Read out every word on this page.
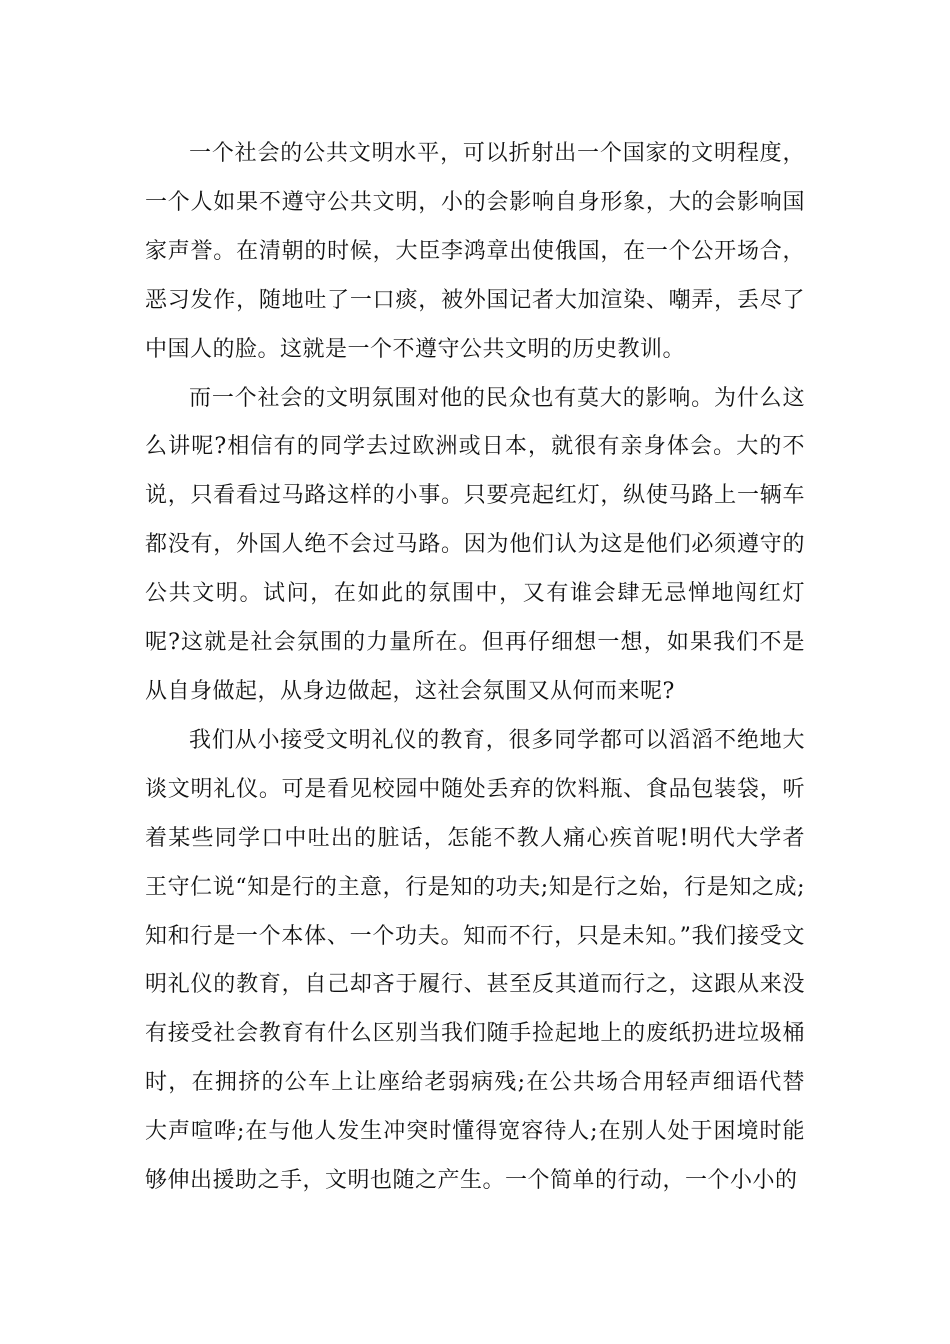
一个社会的公共文明水平，可以折射出一个国家的文明程度，一个人如果不遵守公共文明，小的会影响自身形象，大的会影响国家声誉。在清朝的时候，大臣李鸿章出使俄国，在一个公开场合，恶习发作，随地吐了一口痰，被外国记者大加渲染、嘲弄，丢尽了中国人的脸。这就是一个不遵守公共文明的历史教训。

而一个社会的文明氛围对他的民众也有莫大的影响。为什么这么讲呢?相信有的同学去过欧洲或日本，就很有亲身体会。大的不说，只看看过马路这样的小事。只要亮起红灯，纵使马路上一辆车都没有，外国人绝不会过马路。因为他们认为这是他们必须遵守的公共文明。试问，在如此的氛围中，又有谁会肆无忌惮地闯红灯呢?这就是社会氛围的力量所在。但再仔细想一想，如果我们不是从自身做起，从身边做起，这社会氛围又从何而来呢?

我们从小接受文明礼仪的教育，很多同学都可以滔滔不绝地大谈文明礼仪。可是看见校园中随处丢弃的饮料瓶、食品包装袋，听着某些同学口中吐出的脏话，怎能不教人痛心疾首呢!明代大学者王守仁说“知是行的主意，行是知的功夫;知是行之始，行是知之成;知和行是一个本体、一个功夫。知而不行，只是未知。”我们接受文明礼仪的教育，自己却吝于履行、甚至反其道而行之，这跟从来没有接受社会教育有什么区别当我们随手捡起地上的废纸扔进垃圾桶时，在拥挤的公车上让座给老弱病残;在公共场合用轻声细语代替大声喧哗;在与他人发生冲突时懂得宽容待人;在别人处于困境时能够伸出援助之手，文明也随之产生。一个简单的行动，一个小小的
